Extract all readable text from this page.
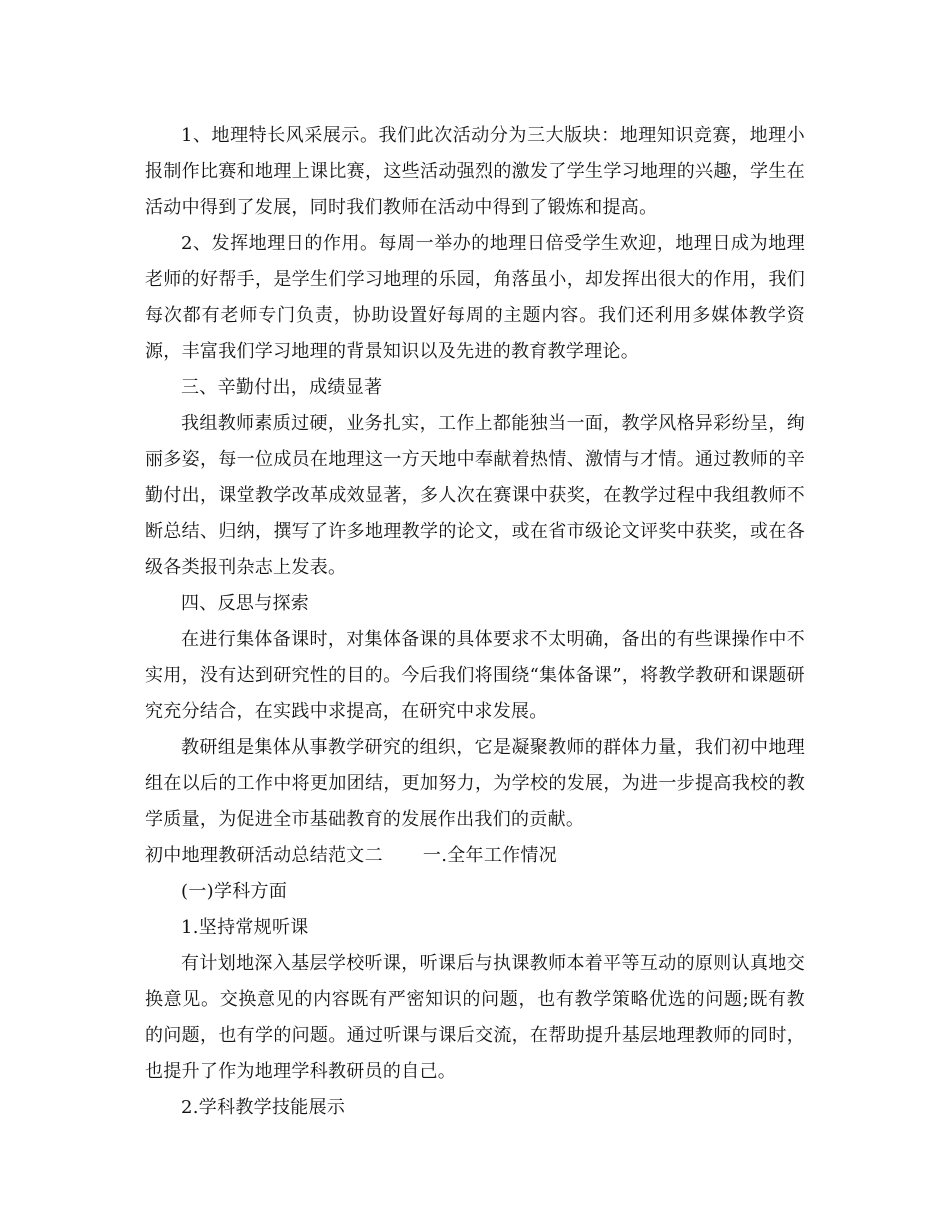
1、地理特长风采展示。我们此次活动分为三大版块：地理知识竞赛，地理小报制作比赛和地理上课比赛，这些活动强烈的激发了学生学习地理的兴趣，学生在活动中得到了发展，同时我们教师在活动中得到了锻炼和提高。

2、发挥地理日的作用。每周一举办的地理日倍受学生欢迎，地理日成为地理老师的好帮手，是学生们学习地理的乐园，角落虽小，却发挥出很大的作用，我们每次都有老师专门负责，协助设置好每周的主题内容。我们还利用多媒体教学资源，丰富我们学习地理的背景知识以及先进的教育教学理论。

三、辛勤付出，成绩显著

我组教师素质过硬，业务扎实，工作上都能独当一面，教学风格异彩纷呈，绚丽多姿，每一位成员在地理这一方天地中奉献着热情、激情与才情。通过教师的辛勤付出，课堂教学改革成效显著，多人次在赛课中获奖，在教学过程中我组教师不断总结、归纳，撰写了许多地理教学的论文，或在省市级论文评奖中获奖，或在各级各类报刊杂志上发表。

四、反思与探索

在进行集体备课时，对集体备课的具体要求不太明确，备出的有些课操作中不实用，没有达到研究性的目的。今后我们将围绕“集体备课”，将教学教研和课题研究充分结合，在实践中求提高，在研究中求发展。

教研组是集体从事教学研究的组织，它是凝聚教师的群体力量，我们初中地理组在以后的工作中将更加团结，更加努力，为学校的发展，为进一步提高我校的教学质量，为促进全市基础教育的发展作出我们的贡献。

初中地理教研活动总结范文二 一.全年工作情况

(一)学科方面

1.坚持常规听课

有计划地深入基层学校听课，听课后与执课教师本着平等互动的原则认真地交换意见。交换意见的内容既有严密知识的问题，也有教学策略优选的问题;既有教的问题，也有学的问题。通过听课与课后交流，在帮助提升基层地理教师的同时，也提升了作为地理学科教研员的自己。

2.学科教学技能展示
